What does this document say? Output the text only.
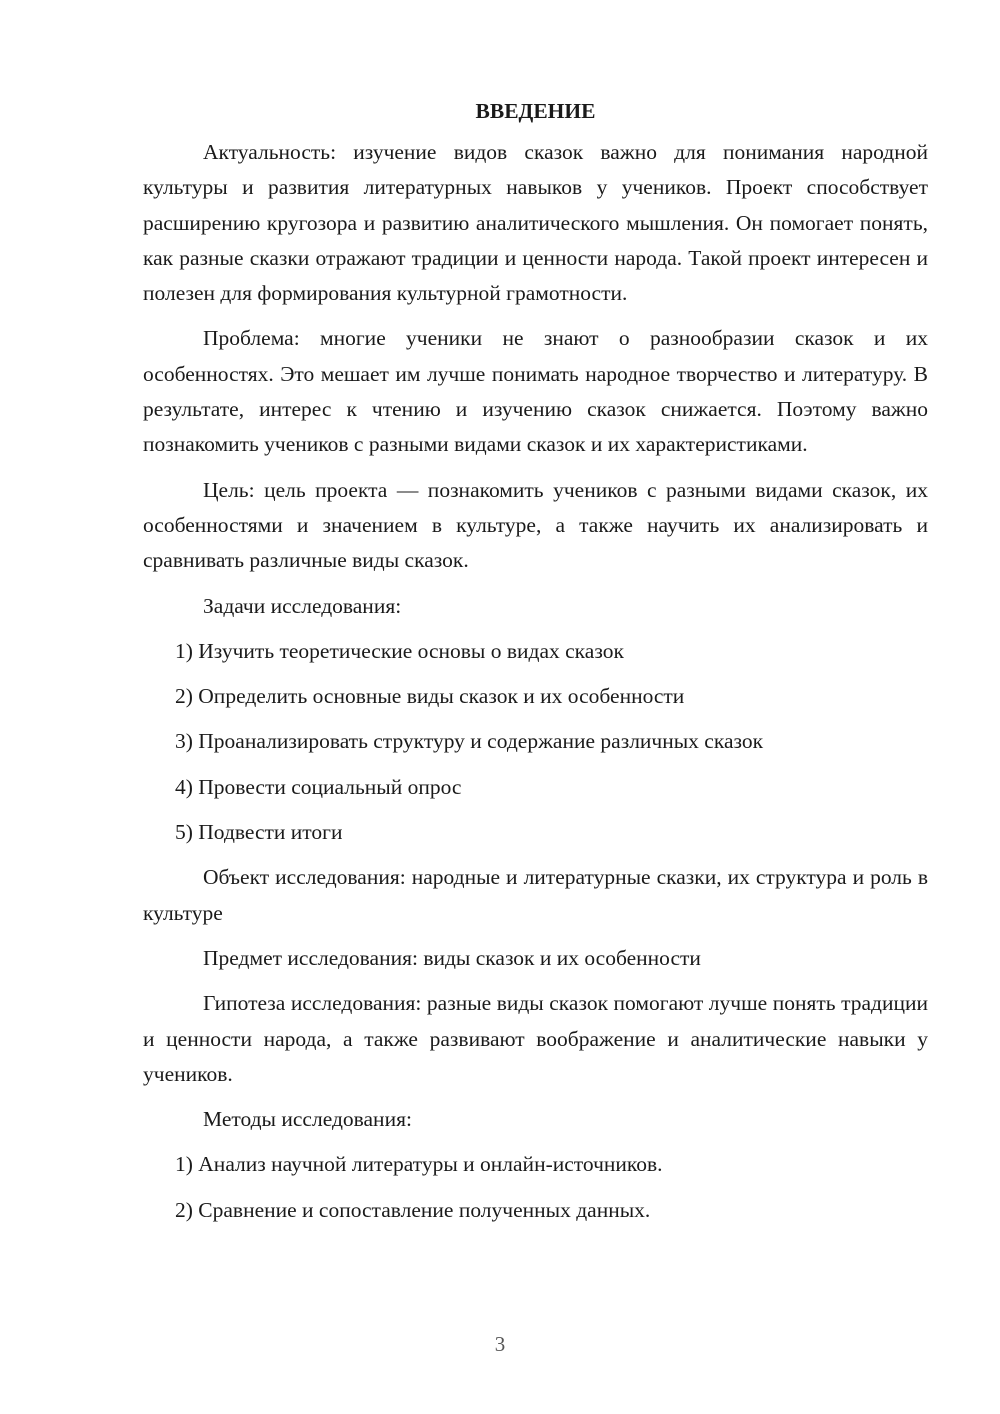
ВВЕДЕНИЕ

Актуальность: изучение видов сказок важно для понимания народной культуры и развития литературных навыков у учеников. Проект способствует расширению кругозора и развитию аналитического мышления. Он помогает понять, как разные сказки отражают традиции и ценности народа. Такой проект интересен и полезен для формирования культурной грамотности.

Проблема: многие ученики не знают о разнообразии сказок и их особенностях. Это мешает им лучше понимать народное творчество и литературу. В результате, интерес к чтению и изучению сказок снижается. Поэтому важно познакомить учеников с разными видами сказок и их характеристиками.

Цель: цель проекта — познакомить учеников с разными видами сказок, их особенностями и значением в культуре, а также научить их анализировать и сравнивать различные виды сказок.

Задачи исследования:
1) Изучить теоретические основы о видах сказок
2) Определить основные виды сказок и их особенности
3) Проанализировать структуру и содержание различных сказок
4) Провести социальный опрос
5) Подвести итоги

Объект исследования: народные и литературные сказки, их структура и роль в культуре

Предмет исследования: виды сказок и их особенности

Гипотеза исследования: разные виды сказок помогают лучше понять традиции и ценности народа, а также развивают воображение и аналитические навыки у учеников.

Методы исследования:
1) Анализ научной литературы и онлайн-источников.
2) Сравнение и сопоставление полученных данных.
3
